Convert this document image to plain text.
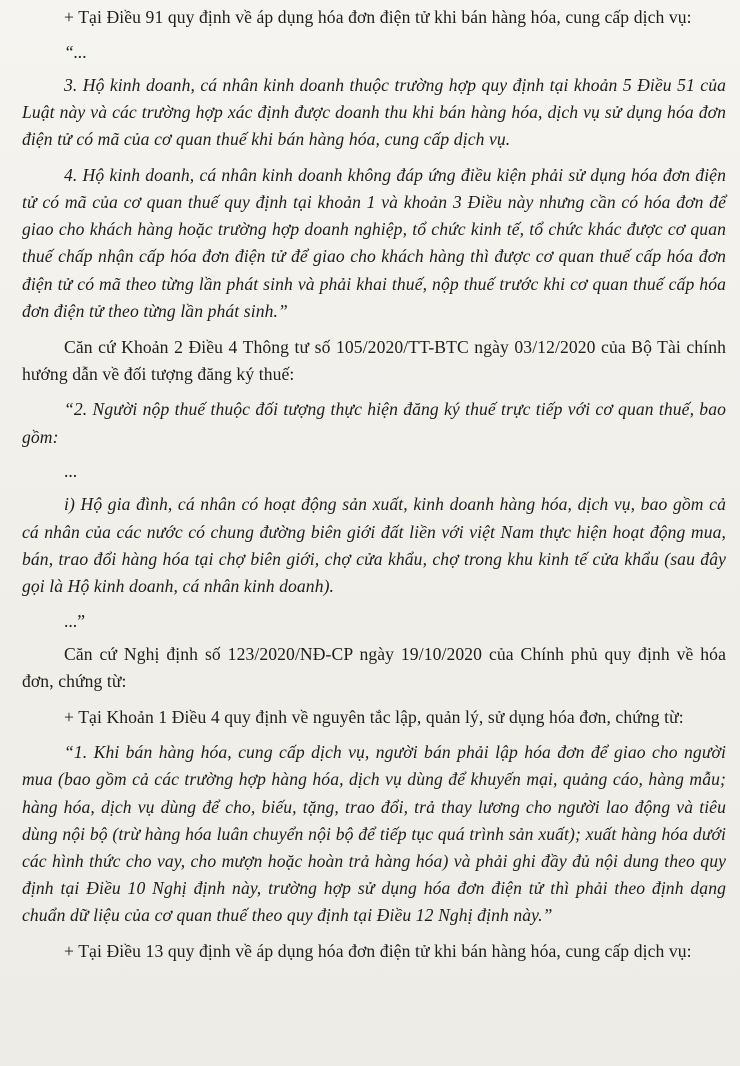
+ Tại Điều 91 quy định về áp dụng hóa đơn điện tử khi bán hàng hóa, cung cấp dịch vụ:

“...

3. Hộ kinh doanh, cá nhân kinh doanh thuộc trường hợp quy định tại khoản 5 Điều 51 của Luật này và các trường hợp xác định được doanh thu khi bán hàng hóa, dịch vụ sử dụng hóa đơn điện tử có mã của cơ quan thuế khi bán hàng hóa, cung cấp dịch vụ.

4. Hộ kinh doanh, cá nhân kinh doanh không đáp ứng điều kiện phải sử dụng hóa đơn điện tử có mã của cơ quan thuế quy định tại khoản 1 và khoản 3 Điều này nhưng cần có hóa đơn để giao cho khách hàng hoặc trường hợp doanh nghiệp, tổ chức kinh tế, tổ chức khác được cơ quan thuế chấp nhận cấp hóa đơn điện tử để giao cho khách hàng thì được cơ quan thuế cấp hóa đơn điện tử có mã theo từng lần phát sinh và phải khai thuế, nộp thuế trước khi cơ quan thuế cấp hóa đơn điện tử theo từng lần phát sinh.”

Căn cứ Khoản 2 Điều 4 Thông tư số 105/2020/TT-BTC ngày 03/12/2020 của Bộ Tài chính hướng dẫn về đối tượng đăng ký thuế:

“2. Người nộp thuế thuộc đối tượng thực hiện đăng ký thuế trực tiếp với cơ quan thuế, bao gồm:

...

i) Hộ gia đình, cá nhân có hoạt động sản xuất, kinh doanh hàng hóa, dịch vụ, bao gồm cả cá nhân của các nước có chung đường biên giới đất liền với việt Nam thực hiện hoạt động mua, bán, trao đổi hàng hóa tại chợ biên giới, chợ cửa khẩu, chợ trong khu kinh tế cửa khẩu (sau đây gọi là Hộ kinh doanh, cá nhân kinh doanh).

...”

Căn cứ Nghị định số 123/2020/NĐ-CP ngày 19/10/2020 của Chính phủ quy định về hóa đơn, chứng từ:

+ Tại Khoản 1 Điều 4 quy định về nguyên tắc lập, quản lý, sử dụng hóa đơn, chứng từ:

“1. Khi bán hàng hóa, cung cấp dịch vụ, người bán phải lập hóa đơn để giao cho người mua (bao gồm cả các trường hợp hàng hóa, dịch vụ dùng để khuyến mại, quảng cáo, hàng mẫu; hàng hóa, dịch vụ dùng để cho, biếu, tặng, trao đổi, trả thay lương cho người lao động và tiêu dùng nội bộ (trừ hàng hóa luân chuyển nội bộ để tiếp tục quá trình sản xuất); xuất hàng hóa dưới các hình thức cho vay, cho mượn hoặc hoàn trả hàng hóa) và phải ghi đầy đủ nội dung theo quy định tại Điều 10 Nghị định này, trường hợp sử dụng hóa đơn điện tử thì phải theo định dạng chuẩn dữ liệu của cơ quan thuế theo quy định tại Điều 12 Nghị định này.”

+ Tại Điều 13 quy định về áp dụng hóa đơn điện tử khi bán hàng hóa, cung cấp dịch vụ:
